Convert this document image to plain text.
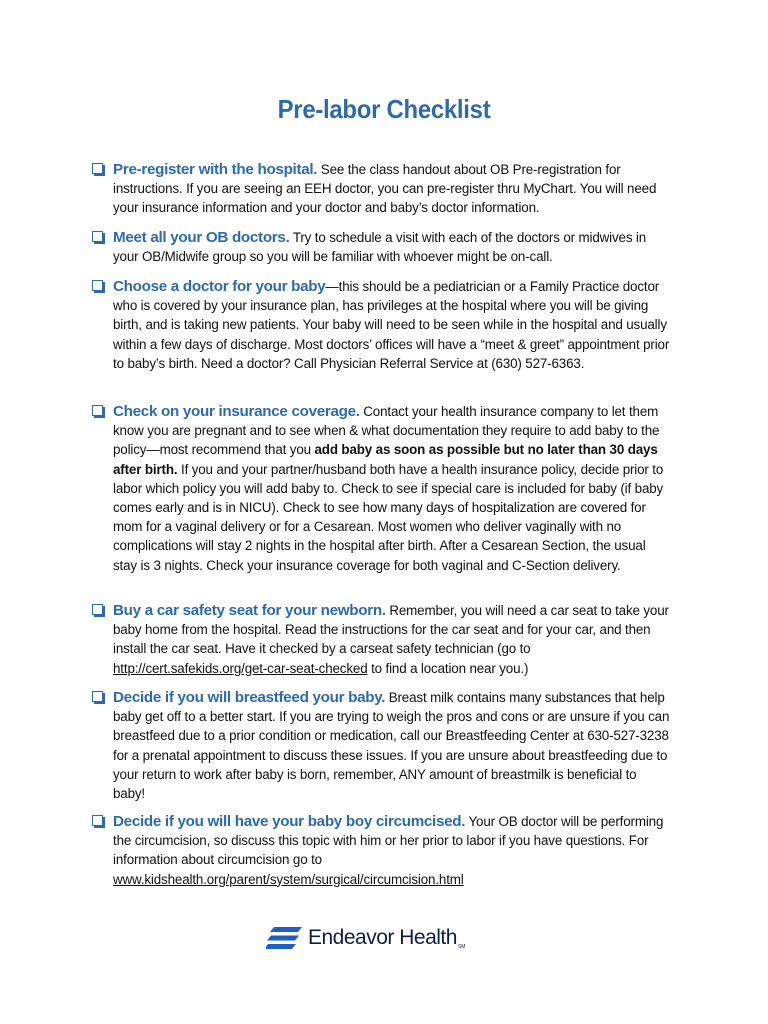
Pre-labor Checklist
Pre-register with the hospital. See the class handout about OB Pre-registration for instructions. If you are seeing an EEH doctor, you can pre-register thru MyChart. You will need your insurance information and your doctor and baby’s doctor information.
Meet all your OB doctors. Try to schedule a visit with each of the doctors or midwives in your OB/Midwife group so you will be familiar with whoever might be on-call.
Choose a doctor for your baby—this should be a pediatrician or a Family Practice doctor who is covered by your insurance plan, has privileges at the hospital where you will be giving birth, and is taking new patients. Your baby will need to be seen while in the hospital and usually within a few days of discharge. Most doctors’ offices will have a “meet & greet” appointment prior to baby’s birth. Need a doctor? Call Physician Referral Service at (630) 527-6363.
Check on your insurance coverage. Contact your health insurance company to let them know you are pregnant and to see when & what documentation they require to add baby to the policy—most recommend that you add baby as soon as possible but no later than 30 days after birth. If you and your partner/husband both have a health insurance policy, decide prior to labor which policy you will add baby to. Check to see if special care is included for baby (if baby comes early and is in NICU). Check to see how many days of hospitalization are covered for mom for a vaginal delivery or for a Cesarean. Most women who deliver vaginally with no complications will stay 2 nights in the hospital after birth. After a Cesarean Section, the usual stay is 3 nights. Check your insurance coverage for both vaginal and C-Section delivery.
Buy a car safety seat for your newborn. Remember, you will need a car seat to take your baby home from the hospital. Read the instructions for the car seat and for your car, and then install the car seat. Have it checked by a carseat safety technician (go to http://cert.safekids.org/get-car-seat-checked to find a location near you.)
Decide if you will breastfeed your baby. Breast milk contains many substances that help baby get off to a better start. If you are trying to weigh the pros and cons or are unsure if you can breastfeed due to a prior condition or medication, call our Breastfeeding Center at 630-527-3238 for a prenatal appointment to discuss these issues. If you are unsure about breastfeeding due to your return to work after baby is born, remember, ANY amount of breastmilk is beneficial to baby!
Decide if you will have your baby boy circumcised. Your OB doctor will be performing the circumcision, so discuss this topic with him or her prior to labor if you have questions. For information about circumcision go to www.kidshealth.org/parent/system/surgical/circumcision.html
Endeavor Health SM
